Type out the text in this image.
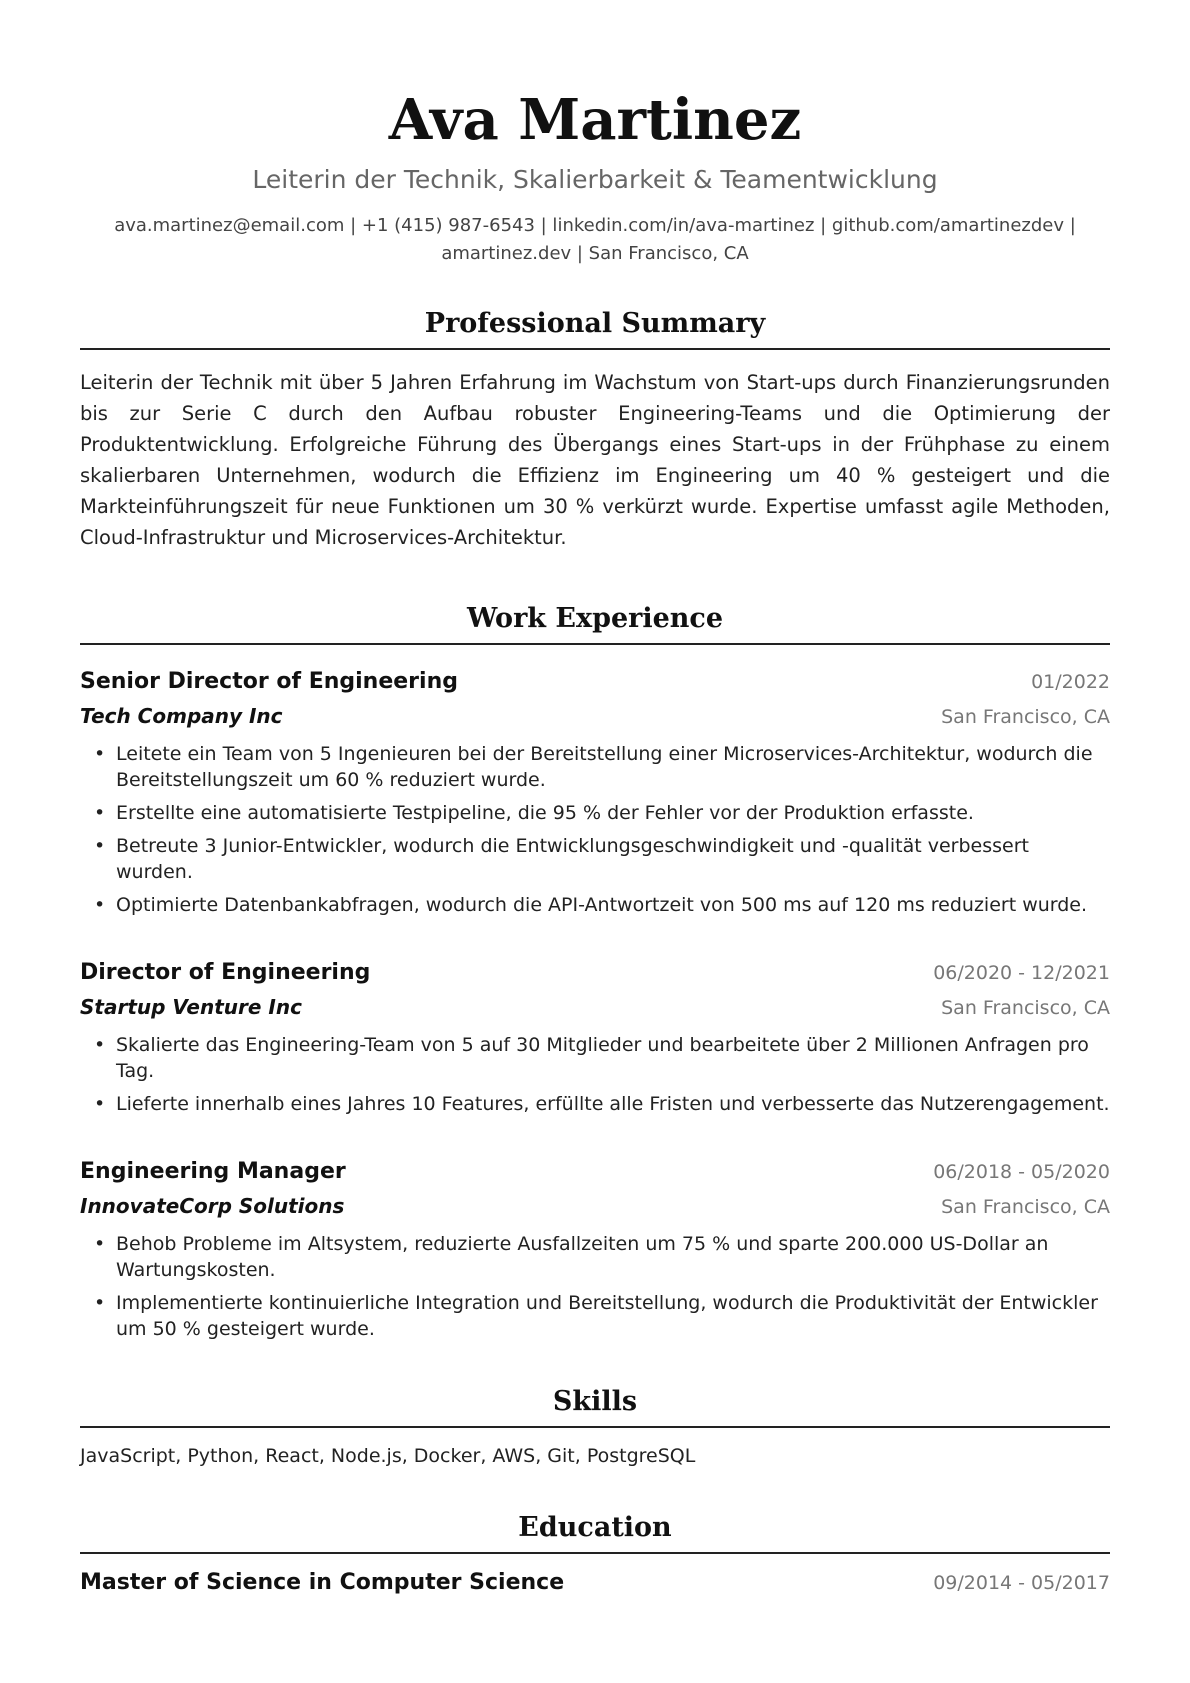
Ava Martinez
Leiterin der Technik, Skalierbarkeit & Teamentwicklung
ava.martinez@email.com | +1 (415) 987-6543 | linkedin.com/in/ava-martinez | github.com/amartinezdev |
amartinez.dev | San Francisco, CA
Professional Summary

Leiterin der Technik mit über 5 Jahren Erfahrung im Wachstum von Start-ups durch Finanzierungsrunden bis zur Serie C durch den Aufbau robuster Engineering-Teams und die Optimierung der Produktentwicklung. Erfolgreiche Führung des Übergangs eines Start-ups in der Frühphase zu einem skalierbaren Unternehmen, wodurch die Effizienz im Engineering um 40 % gesteigert und die Markteinführungszeit für neue Funktionen um 30 % verkürzt wurde. Expertise umfasst agile Methoden, Cloud-Infrastruktur und Microservices-Architektur.

Work Experience
Senior Director of Engineering	01/2022
Tech Company Inc	San Francisco, CA
• Leitete ein Team von 5 Ingenieuren bei der Bereitstellung einer Microservices-Architektur, wodurch die Bereitstellungszeit um 60 % reduziert wurde.
• Erstellte eine automatisierte Testpipeline, die 95 % der Fehler vor der Produktion erfasste.
• Betreute 3 Junior-Entwickler, wodurch die Entwicklungsgeschwindigkeit und -qualität verbessert wurden.
• Optimierte Datenbankabfragen, wodurch die API-Antwortzeit von 500 ms auf 120 ms reduziert wurde.
Director of Engineering	06/2020 - 12/2021
Startup Venture Inc	San Francisco, CA
• Skalierte das Engineering-Team von 5 auf 30 Mitglieder und bearbeitete über 2 Millionen Anfragen pro Tag.
• Lieferte innerhalb eines Jahres 10 Features, erfüllte alle Fristen und verbesserte das Nutzerengagement.
Engineering Manager	06/2018 - 05/2020
InnovateCorp Solutions	San Francisco, CA
• Behob Probleme im Altsystem, reduzierte Ausfallzeiten um 75 % und sparte 200.000 US-Dollar an Wartungskosten.
• Implementierte kontinuierliche Integration und Bereitstellung, wodurch die Produktivität der Entwickler um 50 % gesteigert wurde.
Skills

JavaScript, Python, React, Node.js, Docker, AWS, Git, PostgreSQL

Education
Master of Science in Computer Science	09/2014 - 05/2017
